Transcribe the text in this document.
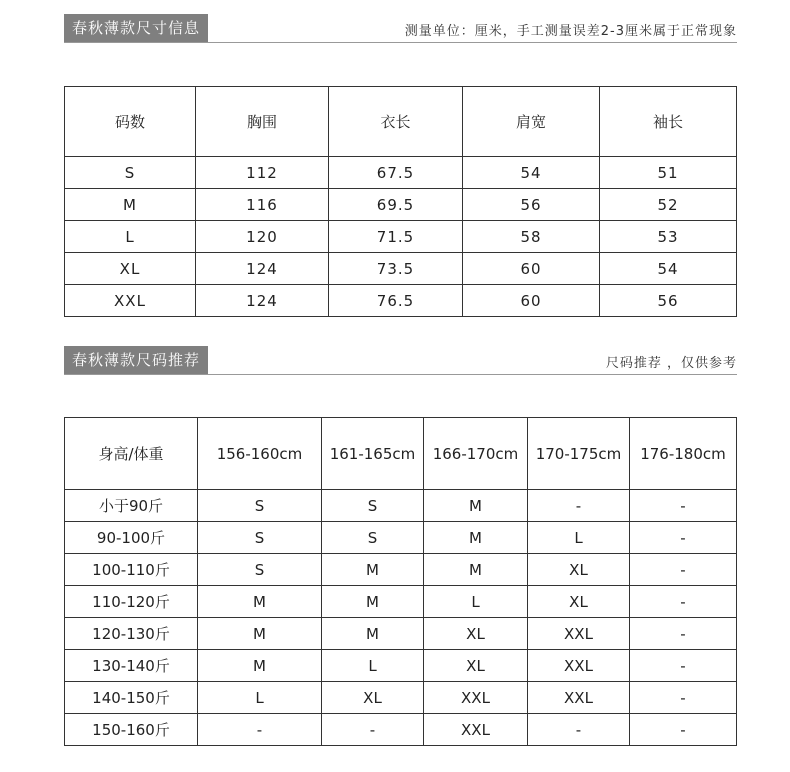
春秋薄款尺寸信息	测量单位：厘米，手工测量误差2-3厘米属于正常现象
码数	胸围	衣长	肩宽	袖长
S	112	67.5	54	51
M	116	69.5	56	52
L	120	71.5	58	53
XL	124	73.5	60	54
XXL	124	76.5	60	56
春秋薄款尺码推荐	尺码推荐 ，仅供参考
身高/体重	156-160cm	161-165cm	166-170cm	170-175cm	176-180cm
小于90斤	S	S	M	-	-
90-100斤	S	S	M	L	-
100-110斤	S	M	M	XL	-
110-120斤	M	M	L	XL	-
120-130斤	M	M	XL	XXL	-
130-140斤	M	L	XL	XXL	-
140-150斤	L	XL	XXL	XXL	-
150-160斤	-	-	XXL	-	-
